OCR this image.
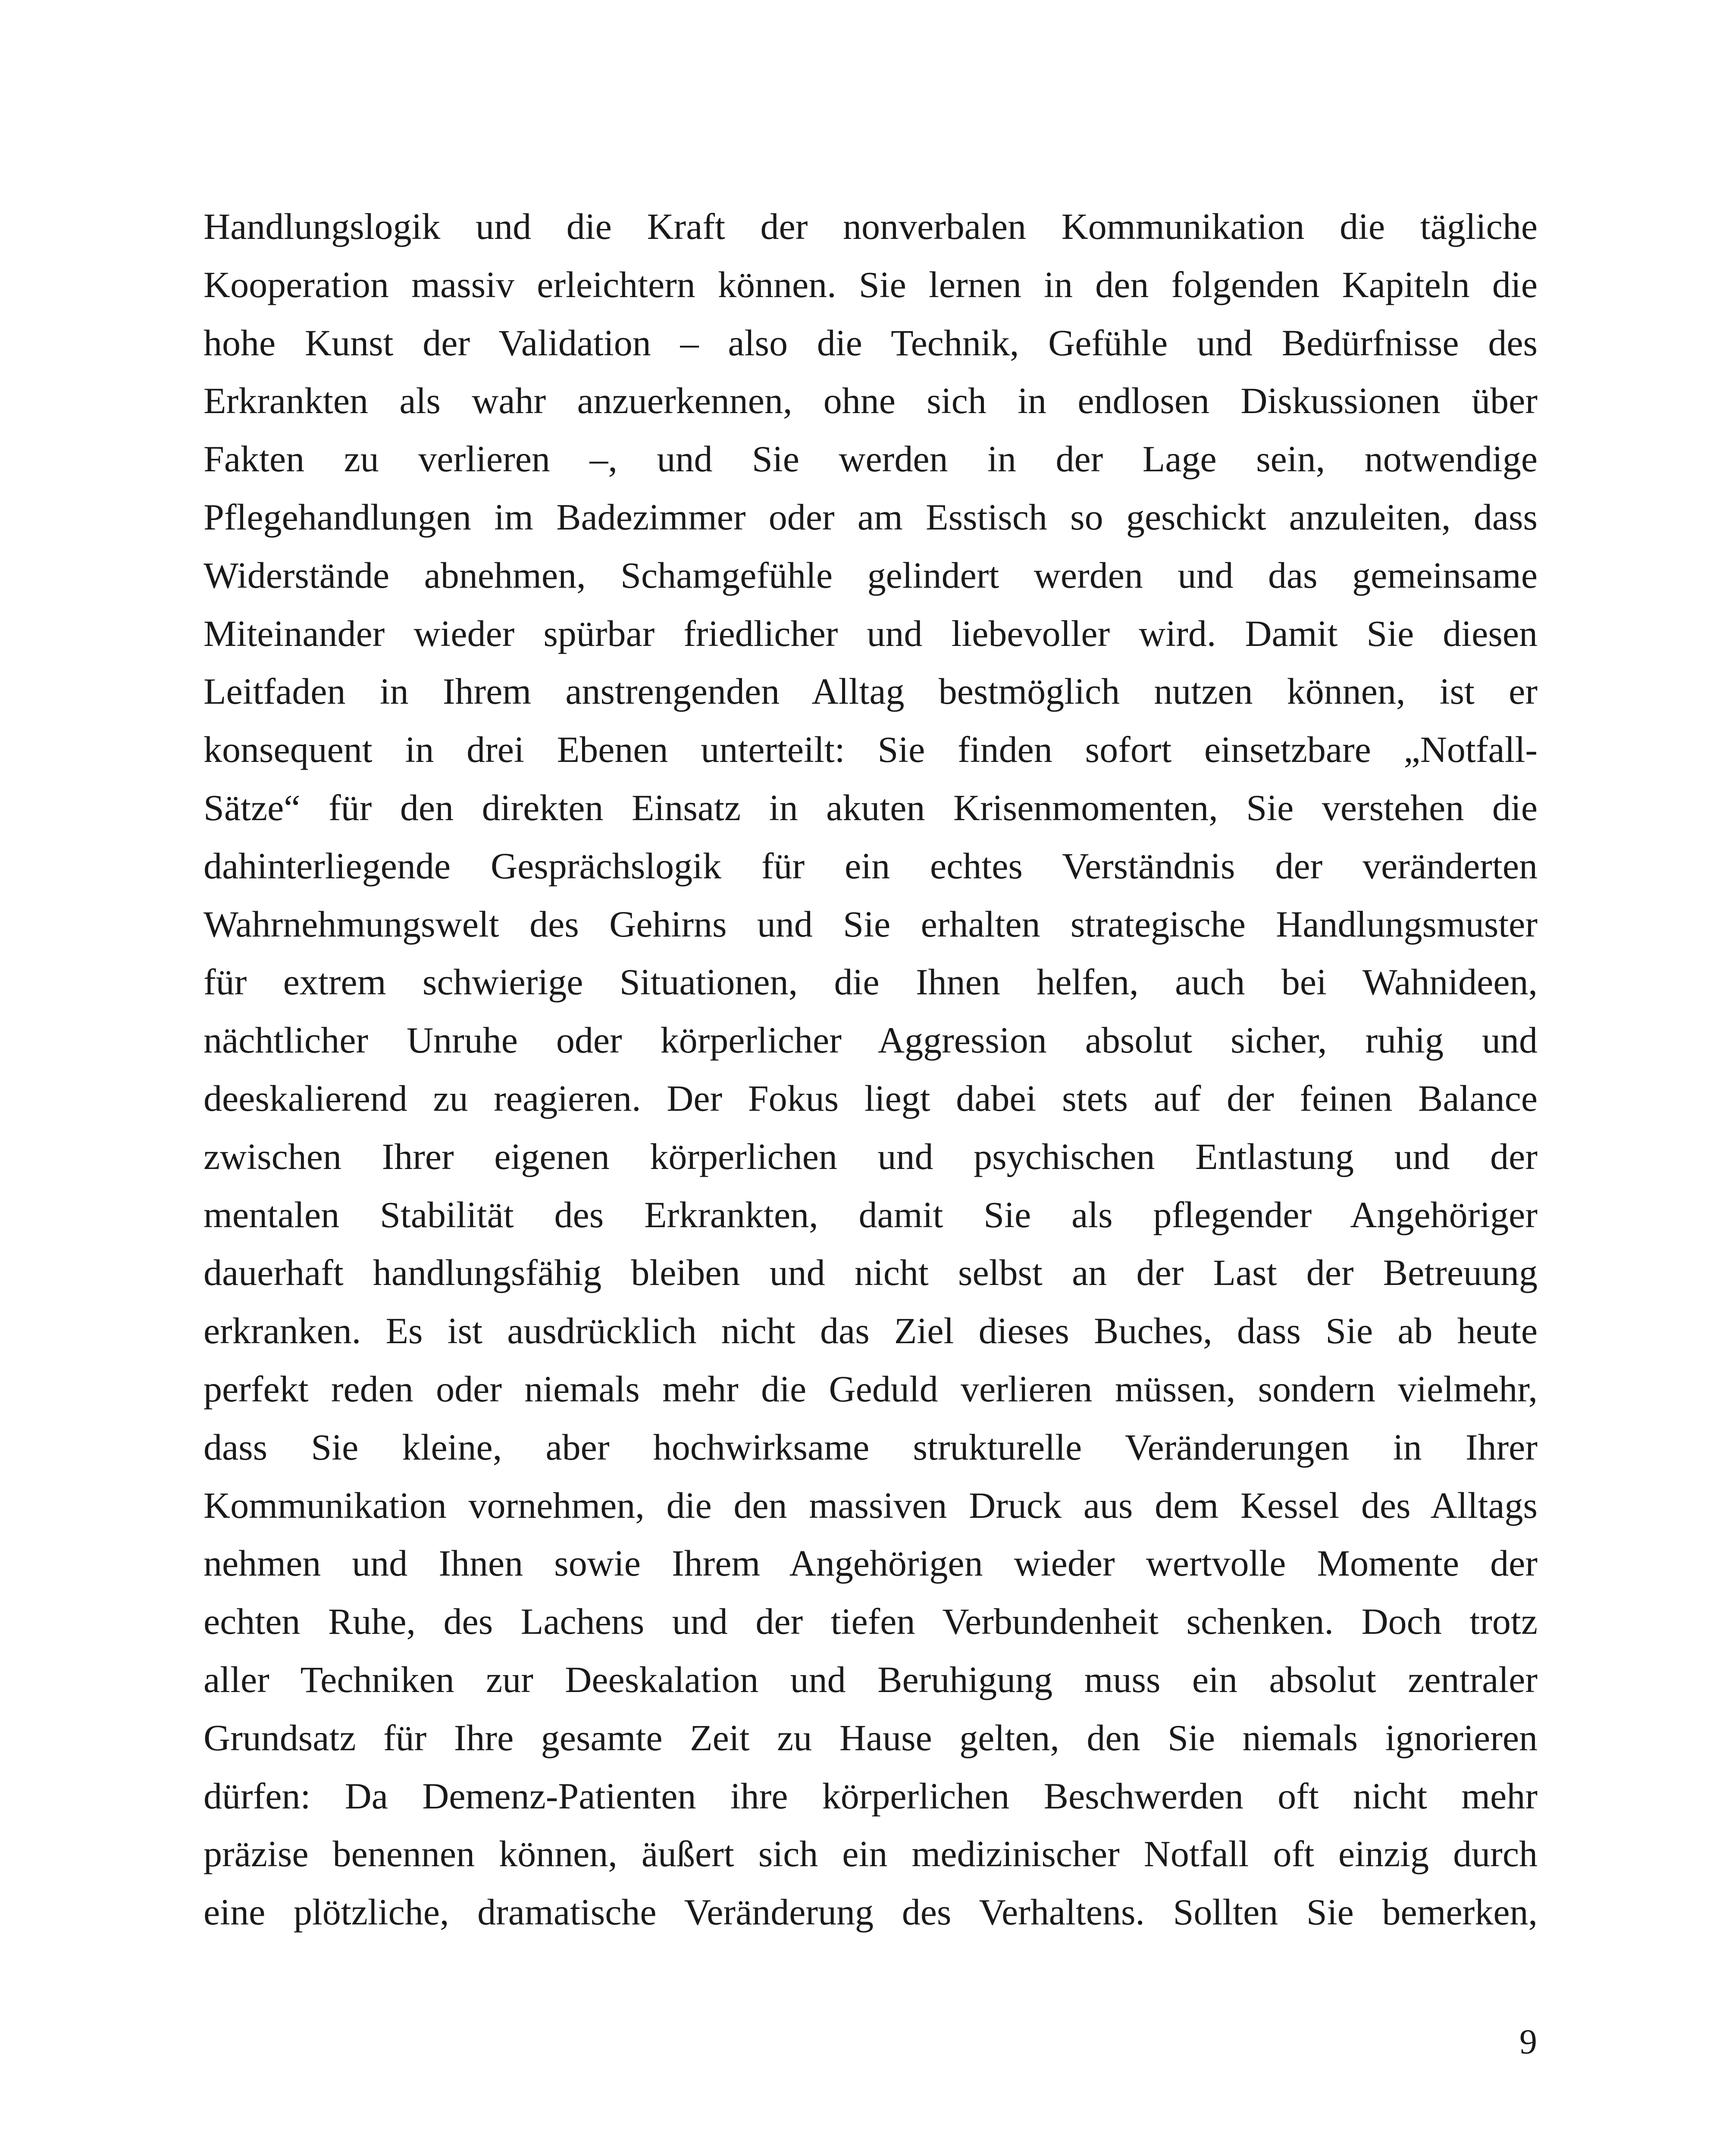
Handlungslogik und die Kraft der nonverbalen Kommunikation die tägliche
Kooperation massiv erleichtern können. Sie lernen in den folgenden Kapiteln die
hohe Kunst der Validation – also die Technik, Gefühle und Bedürfnisse des
Erkrankten als wahr anzuerkennen, ohne sich in endlosen Diskussionen über
Fakten zu verlieren –, und Sie werden in der Lage sein, notwendige
Pflegehandlungen im Badezimmer oder am Esstisch so geschickt anzuleiten, dass
Widerstände abnehmen, Schamgefühle gelindert werden und das gemeinsame
Miteinander wieder spürbar friedlicher und liebevoller wird. Damit Sie diesen
Leitfaden in Ihrem anstrengenden Alltag bestmöglich nutzen können, ist er
konsequent in drei Ebenen unterteilt: Sie finden sofort einsetzbare „Notfall-
Sätze“ für den direkten Einsatz in akuten Krisenmomenten, Sie verstehen die
dahinterliegende Gesprächslogik für ein echtes Verständnis der veränderten
Wahrnehmungswelt des Gehirns und Sie erhalten strategische Handlungsmuster
für extrem schwierige Situationen, die Ihnen helfen, auch bei Wahnideen,
nächtlicher Unruhe oder körperlicher Aggression absolut sicher, ruhig und
deeskalierend zu reagieren. Der Fokus liegt dabei stets auf der feinen Balance
zwischen Ihrer eigenen körperlichen und psychischen Entlastung und der
mentalen Stabilität des Erkrankten, damit Sie als pflegender Angehöriger
dauerhaft handlungsfähig bleiben und nicht selbst an der Last der Betreuung
erkranken. Es ist ausdrücklich nicht das Ziel dieses Buches, dass Sie ab heute
perfekt reden oder niemals mehr die Geduld verlieren müssen, sondern vielmehr,
dass Sie kleine, aber hochwirksame strukturelle Veränderungen in Ihrer
Kommunikation vornehmen, die den massiven Druck aus dem Kessel des Alltags
nehmen und Ihnen sowie Ihrem Angehörigen wieder wertvolle Momente der
echten Ruhe, des Lachens und der tiefen Verbundenheit schenken. Doch trotz
aller Techniken zur Deeskalation und Beruhigung muss ein absolut zentraler
Grundsatz für Ihre gesamte Zeit zu Hause gelten, den Sie niemals ignorieren
dürfen: Da Demenz-Patienten ihre körperlichen Beschwerden oft nicht mehr
präzise benennen können, äußert sich ein medizinischer Notfall oft einzig durch
eine plötzliche, dramatische Veränderung des Verhaltens. Sollten Sie bemerken,

9
